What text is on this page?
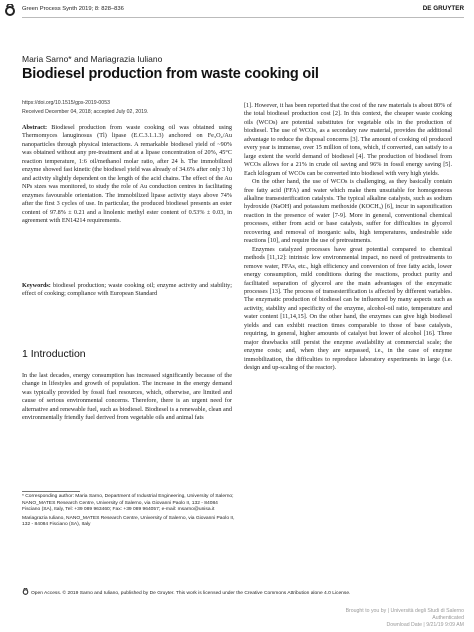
Green Process Synth 2019; 8: 828–836	DE GRUYTER
Maria Sarno* and Mariagrazia Iuliano
Biodiesel production from waste cooking oil
https://doi.org/10.1515/gps-2019-0053
Received December 04, 2018; accepted July 02, 2019.
Abstract: Biodiesel production from waste cooking oil was obtained using Thermomyces lanuginosus (Tl) lipase (E.C.3.1.1.3) anchored on Fe₃O₄/Au nanoparticles through physical interactions. A remarkable biodiesel yield of ~90% was obtained without any pre-treatment and at a lipase concentration of 20%, 45°C reaction temperature, 1:6 oil/methanol molar ratio, after 24 h. The immobilized enzyme showed fast kinetic (the biodiesel yield was already of 34.6% after only 3 h) and activity slightly dependent on the length of the acid chains. The effect of the Au NPs sizes was monitored, to study the role of Au conduction centres in facilitating enzymes favourable orientation. The immobilized lipase activity stays above 74% after the first 3 cycles of use. In particular, the produced biodiesel presents an ester content of 97.8% ± 0.21 and a linolenic methyl ester content of 0.53% ± 0.03, in agreement with EN14214 requirements.
Keywords: biodiesel production; waste cooking oil; enzyme activity and stability; effect of cooking; compliance with European Standard
1 Introduction

In the last decades, energy consumption has increased significantly because of the change in lifestyles and growth of population. The increase in the energy demand was typically provided by fossil fuel resources, which, otherwise, are limited and cause of serious environmental concerns. Therefore, there is an urgent need for alternative and renewable fuel, such as biodiesel. Biodiesel is a renewable, clean and environmentally friendly fuel derived from vegetable oils and animal fats

* Corresponding author: Maria Sarno, Department of Industrial Engineering, University of Salerno; NANO_MATES Research Centre, University of Salerno, via Giovanni Paolo II, 132 - 84084 Fisciano (SA), Italy, Tel: +39 089 963460; Fax: +39 089 964057; e-mail: msarno@unisa.it

Mariagrazia Iuliano, NANO_MATES Research Centre, University of Salerno, via Giovanni Paolo II, 132 - 84084 Fisciano (SA), Italy

Open Access. © 2019 Sarno and Iuliano, published by De Gruyter. This work is licensed under the Creative Commons Attribution alone 4.0 License.

[1]. However, it has been reported that the cost of the raw materials is about 80% of the total biodiesel production cost [2]. In this context, the cheaper waste cooking oils (WCOs) are potential substitutes for vegetable oils in the production of biodiesel. The use of WCOs, as a secondary raw material, provides the additional advantage to reduce the disposal concerns [3]. The amount of cooking oil produced every year is immense, over 15 million of tons, which, if converted, can satisfy to a large extent the world demand of biodiesel [4]. The production of biodiesel from WCOs allows for a 21% in crude oil saving and 96% in fossil energy saving [5]. Each kilogram of WCOs can be converted into biodiesel with very high yields.

On the other hand, the use of WCOs is challenging, as they basically contain free fatty acid (FFA) and water which make them unsuitable for homogeneous alkaline transesterification catalysis. The typical alkaline catalysts, such as sodium hydroxide (NaOH) and potassium methoxide (KOCH₃) [6], incur in saponification reaction in the presence of water [7-9]. More in general, conventional chemical processes, either from acid or base catalysts, suffer for difficulties in glycerol recovering and removal of inorganic salts, high temperatures, undesirable side reactions [10], and require the use of pretreatments.

Enzymes catalyzed processes have great potential compared to chemical methods [11,12]: intrinsic low environmental impact, no need of pretreatments to remove water, FFAs, etc., high efficiency and conversion of free fatty acids, lower energy consumption, mild conditions during the reactions, product purity and facilitated separation of glycerol are the main advantages of the enzymatic processes [13]. The process of transesterification is affected by different variables. The enzymatic production of biodiesel can be influenced by many aspects such as activity, stability and specificity of the enzyme, alcohol-oil ratio, temperature and water content [11,14,15]. On the other hand, the enzymes can give high biodiesel yields and can exhibit reaction times comparable to those of base catalysts, requiring, in general, higher amounts of catalyst but lower of alcohol [16]. Three major drawbacks still persist the enzyme availability at commercial scale; the enzyme costs; and, when they are surpassed, i.e., in the case of enzyme immobilization, the difficulties to reproduce laboratory experiments in large (i.e. design and up-scaling of the reactor).

Brought to you by | Università degli Studi di Salerno
Authenticated
Download Date | 9/21/19 9:09 AM
